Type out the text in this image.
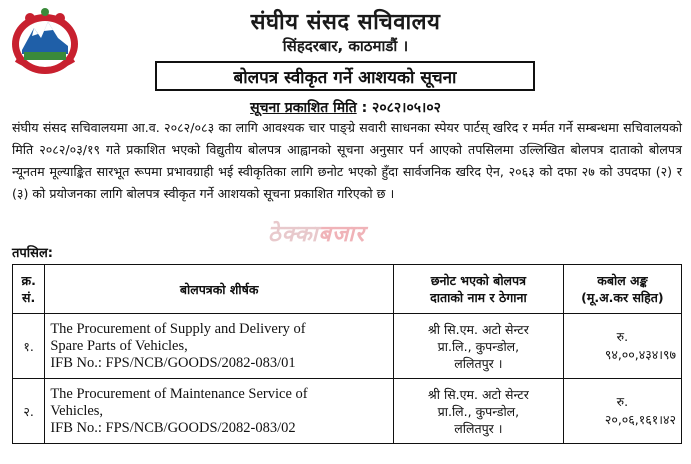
संघीय संसद सचिवालय
सिंहदरबार, काठमाडौं ।
बोलपत्र स्वीकृत गर्ने आशयको सूचना
सूचना प्रकाशित मिति : २०८२।०५।०२
संघीय संसद सचिवालयमा आ.व. २०८२/०८३ का लागि आवश्यक चार पाङ्ग्रे सवारी साधनका स्पेयर पार्टस् खरिद र मर्मत गर्ने सम्बन्धमा सचिवालयको मिति २०८२/०३/१९ गते प्रकाशित भएको विद्युतीय बोलपत्र आह्वानको सूचना अनुसार पर्न आएको तपसिलमा उल्लिखित बोलपत्र दाताको बोलपत्र न्यूनतम मूल्याङ्कित सारभूत रूपमा प्रभावग्राही भई स्वीकृतिका लागि छनोट भएको हुँदा सार्वजनिक खरिद ऐन, २०६३ को दफा २७ को उपदफा (२) र (३) को प्रयोजनका लागि बोलपत्र स्वीकृत गर्ने आशयको सूचना प्रकाशित गरिएको छ ।
ठेक्काबजार
तपसिल:
क्र.
सं.	बोलपत्रको शीर्षक	छनोट भएको बोलपत्र
दाताको नाम र ठेगाना	कबोल अङ्क
(मू.अ.कर सहित)
१.	The Procurement of Supply and Delivery of
Spare Parts of Vehicles,
IFB No.: FPS/NCB/GOODS/2082-083/01	श्री सि.एम. अटो सेन्टर
प्रा.लि., कुपन्डोल,
ललितपुर ।	रु.
९४,००,४३४।९७
२.	The Procurement of Maintenance Service of
Vehicles,
IFB No.: FPS/NCB/GOODS/2082-083/02	श्री सि.एम. अटो सेन्टर
प्रा.लि., कुपन्डोल,
ललितपुर ।	रु.
२०,०६,१६१।४२
